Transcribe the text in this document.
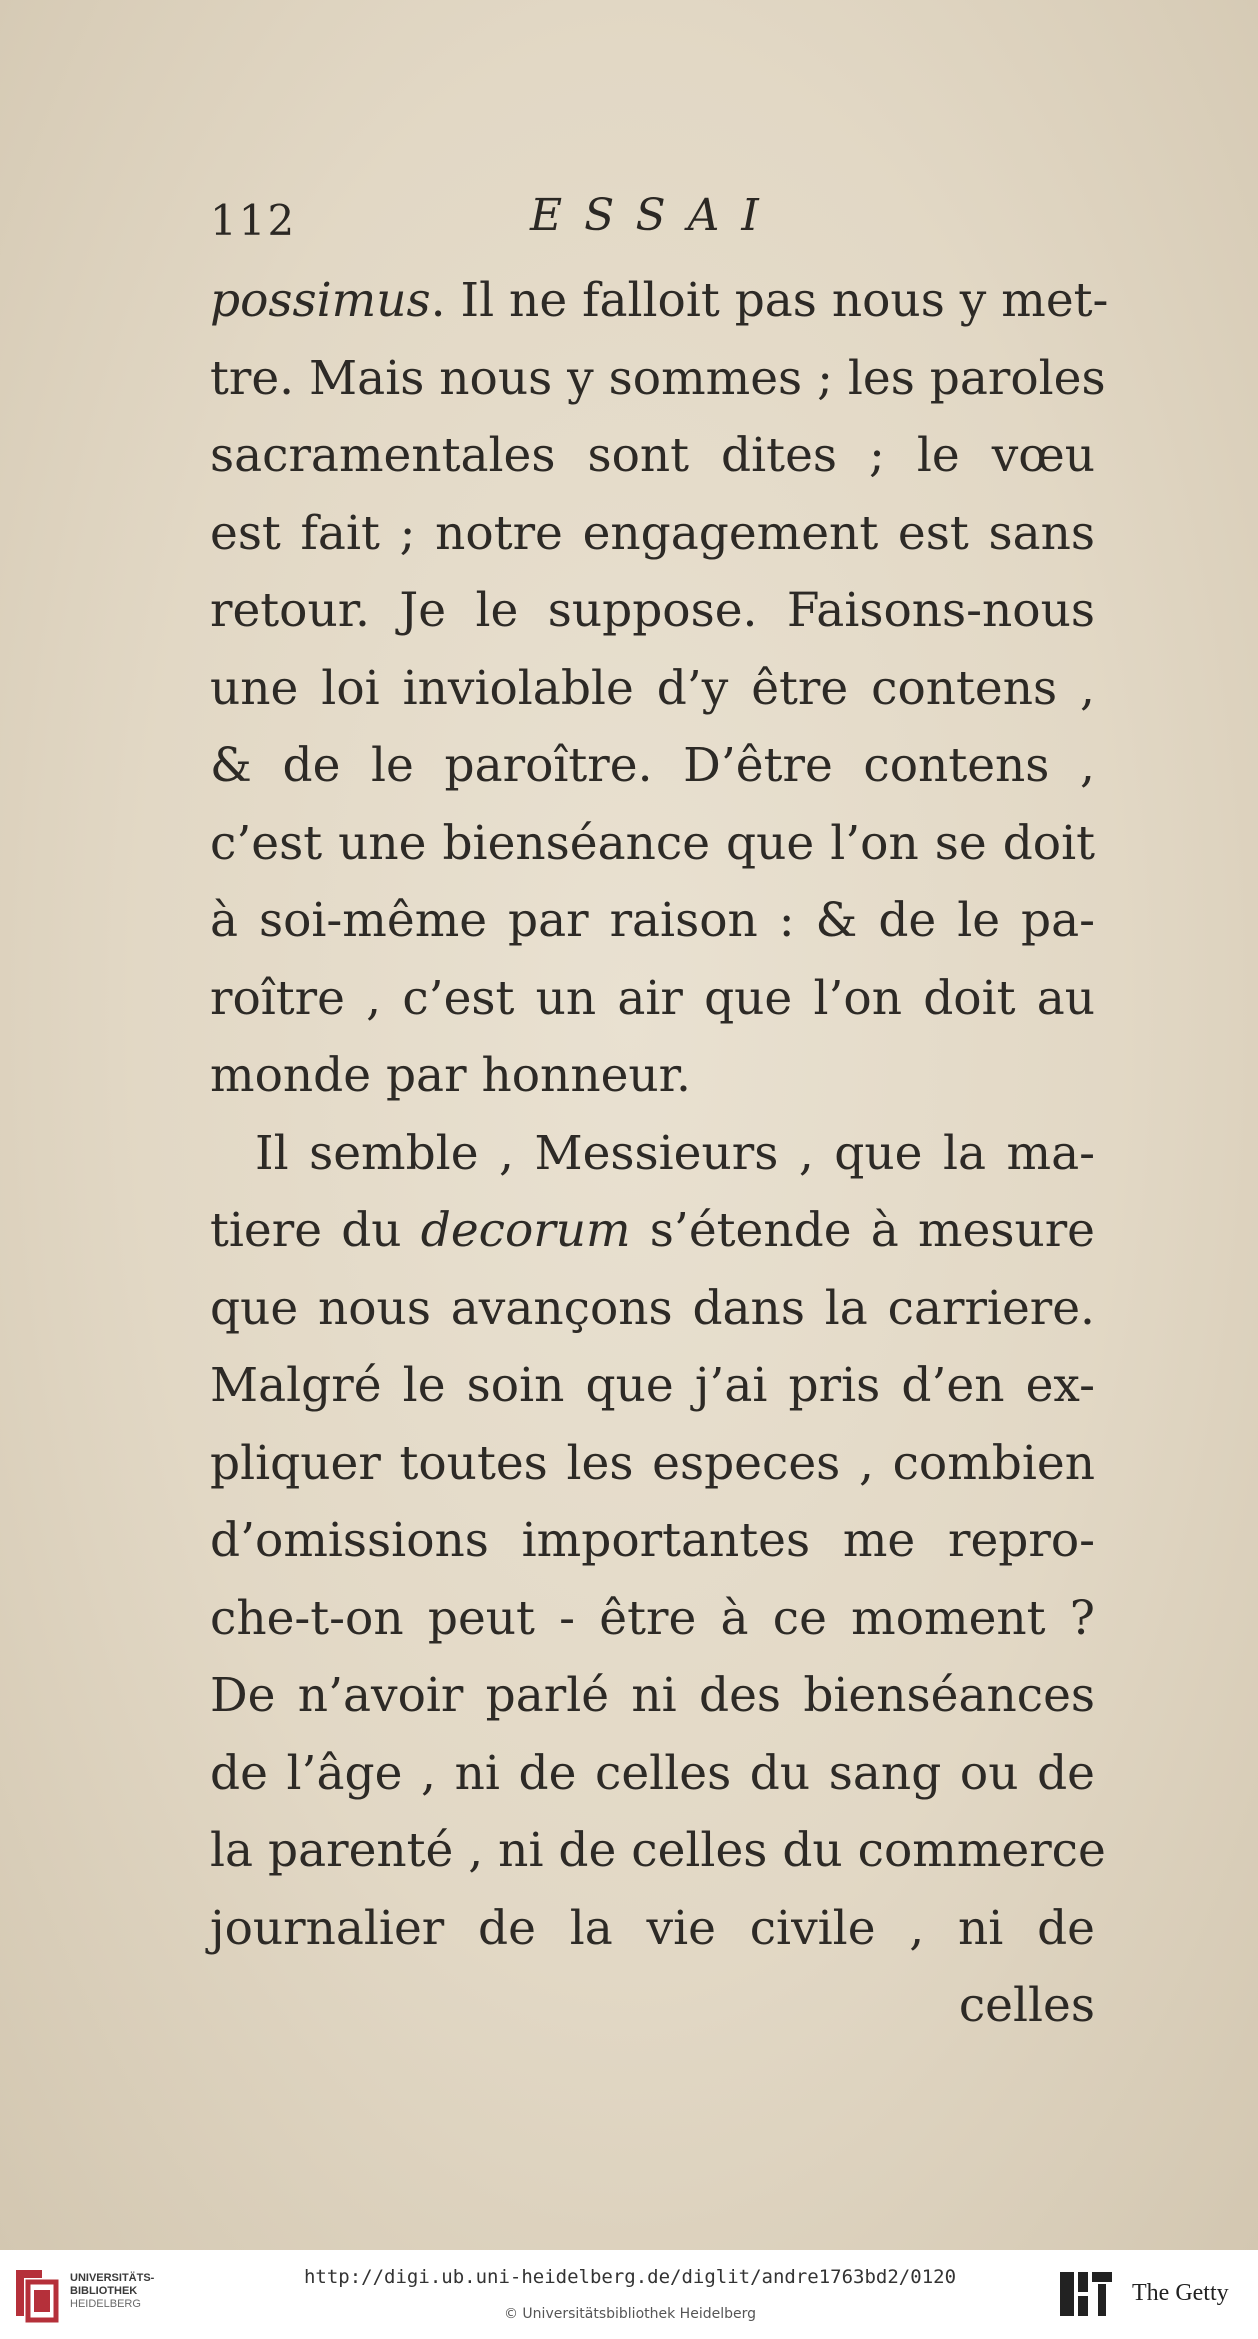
112	ESSAI
possimus. Il ne falloit pas nous y met-
tre. Mais nous y sommes ; les paroles
sacramentales sont dites ; le vœu
est fait ; notre engagement est sans
retour. Je le suppose. Faisons-nous
une loi inviolable d’y être contens ,
& de le paroître. D’être contens ,
c’est une bienséance que l’on se doit
à soi-même par raison : & de le pa-
roître , c’est un air que l’on doit au
monde par honneur.
Il semble , Messieurs , que la ma-
tiere du decorum s’étende à mesure
que nous avançons dans la carriere.
Malgré le soin que j’ai pris d’en ex-
pliquer toutes les especes , combien
d’omissions importantes me repro-
che-t-on peut - être à ce moment ?
De n’avoir parlé ni des bienséances
de l’âge , ni de celles du sang ou de
la parenté , ni de celles du commerce
journalier de la vie civile , ni de
celles
UNIVERSITÄTS-
BIBLIOTHEK
HEIDELBERG
http://digi.ub.uni-heidelberg.de/diglit/andre1763bd2/0120
© Universitätsbibliothek Heidelberg
The Getty
